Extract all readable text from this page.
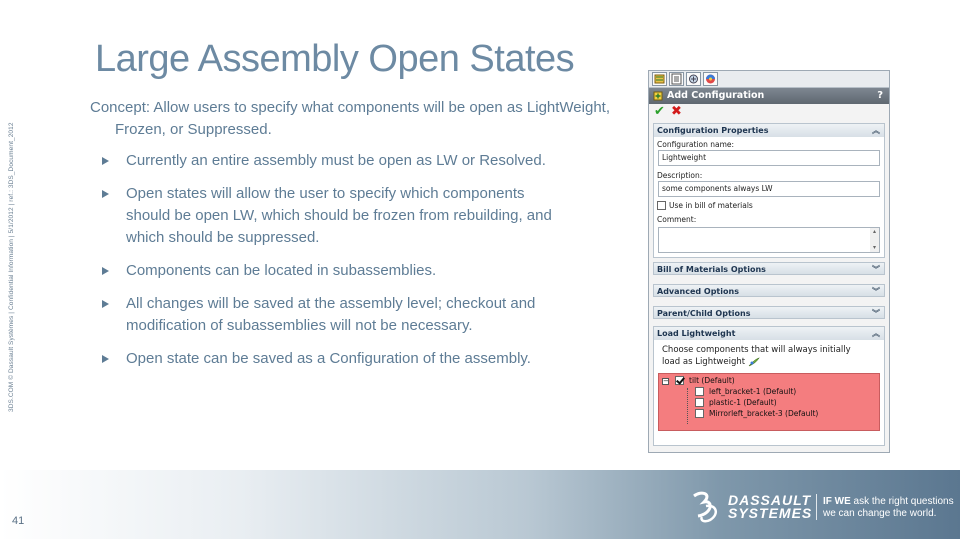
3DS.COM © Dassault Systèmes | Confidential Information | 5/1/2012 | ref.: 3DS_Document_2012
Large Assembly Open States
Concept: Allow users to specify what components will be open as LightWeight,
Frozen, or Suppressed.
Currently an entire assembly must be open as LW or Resolved.
Open states will allow the user to specify which components should be open LW, which should be frozen from rebuilding, and which should be suppressed.
Components can be located in subassemblies.
All changes will be saved at the assembly level; checkout and modification of subassemblies will not be necessary.
Open state can be saved as a Configuration of the assembly.
Add Configuration	?
✔ ✖
Configuration Properties	︽
Configuration name:
Lightweight
Description:
some components always LW
Use in bill of materials
Comment:
▴

▾
Bill of Materials Options	︾
Advanced Options	︾
Parent/Child Options	︾
Load Lightweight	︽
Choose components that will always initially
load as Lightweight
−	tilt (Default)
left_bracket-1 (Default)
plastic-1 (Default)
Mirrorleft_bracket-3 (Default)
DASSAULT
SYSTEMES
IF WE ask the right questions
we can change the world.
41
